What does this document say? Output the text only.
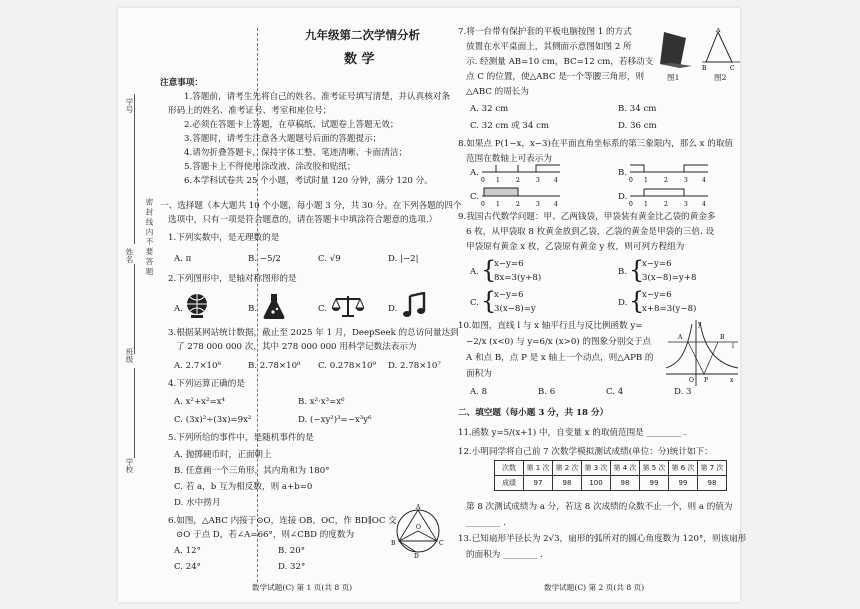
学号
姓名
班级
学校
密 封 线 内 不 要 答 题
九年级第二次学情分析
数 学
注意事项：
1.答题前，请考生先将自己的姓名、准考证号填写清楚，并认真核对条
形码上的姓名、准考证号、考室和座位号；
2.必须在答题卡上答题，在草稿纸、试题卷上答题无效；
3.答题时，请考生注意各大题题号后面的答题提示；
4.请勿折叠答题卡，保持字体工整、笔迹清晰、卡面清洁；
5.答题卡上不得使用涂改液、涂改胶和贴纸；
6.本学科试卷共 25 个小题，考试时量 120 分钟，满分 120 分。
一、选择题（本大题共 10 个小题，每小题 3 分，共 30 分。在下列各题的四个
选项中，只有一项是符合题意的，请在答题卡中填涂符合题意的选项.）
1.下列实数中，是无理数的是
A. π	B. −5/2	C. √9	D. |−2|
2.下列图形中，是轴对称图形的是
A.	B.	C.	D.
3.根据某网站统计数据，截止至 2025 年 1 月，DeepSeek 的总访问量达到
了 278 000 000 次，其中 278 000 000 用科学记数法表示为
A. 2.7×10⁸	B. 2.78×10⁸ C. 0.278×10⁹ D. 2.78×10⁷
4.下列运算正确的是
A. x²+x²=x⁴	B. x²·x³=x⁶
C. (3x)²÷(3x)=9x²	D. (−xy²)³=−x³y⁶
5.下列所给的事件中，是随机事件的是
A. 抛掷硬币时，正面朝上
B. 任意画一个三角形，其内角和为 180°
C. 若 a，b 互为相反数，则 a+b=0
D. 水中捞月
6.如图，△ABC 内接于⊙O，连接 OB，OC，作 BD∥OC 交
⊙O 于点 D，若∠A=66°，则∠CBD 的度数为
A. 12°	B. 20°
C. 24°	D. 32°
A
B	C
O
D
数学试题(C) 第 1 页(共 8 页)
7.将一台带有保护套的平板电脑按图 1 的方式
放置在水平桌面上，其侧面示意图如图 2 所
示. 经测量 AB=10 cm，BC=12 cm，若移动支
点 C 的位置，使△ABC 是一个等腰三角形，则
△ABC 的周长为
图1
A
B	C
图2
A. 32 cm	B. 34 cm
C. 32 cm 或 34 cm	D. 36 cm
8.如果点 P(1−x，x−3)在平面直角坐标系的第三象限内，那么 x 的取值
范围在数轴上可表示为
A.	B.
C.	D.
0 1	2	3 4	0 1	2	3 4
0 1	2	3 4	0 1	2	3 4
9.我国古代数学问题：甲、乙两钱袋，甲袋装有黄金比乙袋的黄金多
6 枚，从甲袋取 8 枚黄金放到乙袋，乙袋的黄金是甲袋的三倍. 设
甲袋原有黄金 x 枚，乙袋原有黄金 y 枚，则可列方程组为
A. {
x−y=6
8x=3(y+8)
B. {
x−y=6
3(x−8)=y+8
C. {
x−y=6
3(x−8)=y
D. {
x−y=6
x+8=3(y−8)
10.如图，直线 l 与 x 轴平行且与反比例函数 y=
−2/x (x<0) 与 y=6/x (x>0) 的图象分别交于点
A 和点 B，点 P 是 x 轴上一个动点，则△APB 的
面积为
A	B
O P	x
y
l
A. 8	B. 6	C. 4	D. 3
二、填空题（每小题 3 分，共 18 分）
11.函数 y=5/(x+1) 中，自变量 x 的取值范围是 ________ .
12.小明同学将自己前 7 次数学模拟测试成绩(单位：分)统计如下：
次数	第 1 次	第 2 次	第 3 次	第 4 次	第 5 次	第 6 次	第 7 次
成绩	97	98	100	98	99	99	98
第 8 次测试成绩为 a 分，若这 8 次成绩的众数不止一个，则 a 的值为
________ .
13.已知扇形半径长为 2√3，扇形的弧所对的圆心角度数为 120°，则该扇形
的面积为 ________ .
数学试题(C) 第 2 页(共 8 页)
